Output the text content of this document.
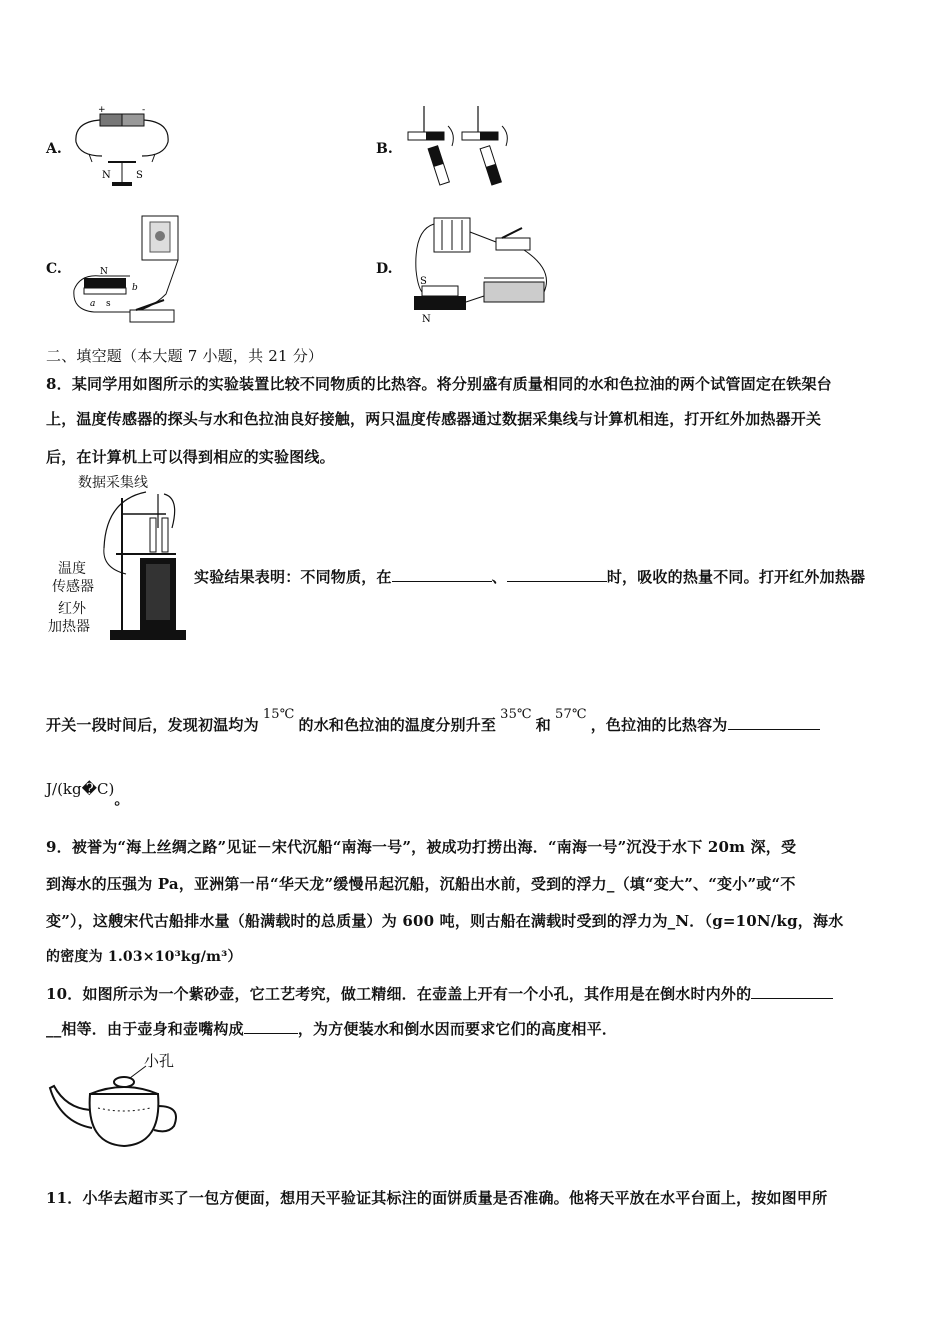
A.
+	-
N	S
B.
C.	N
a s
b
D.
S
N
二、填空题（本大题 7 小题，共 21 分）
8．某同学用如图所示的实验装置比较不同物质的比热容。将分别盛有质量相同的水和色拉油的两个试管固定在铁架台
上，温度传感器的探头与水和色拉油良好接触，两只温度传感器通过数据采集线与计算机相连，打开红外加热器开关
后，在计算机上可以得到相应的实验图线。
数据采集线
温度
传感器
红外
加热器
实验结果表明：不同物质，在	、	时，吸收的热量不同。打开红外加热器
开关一段时间后，发现初温均为15℃的水和色拉油的温度分别升至35℃和57℃，色拉油的比热容为
J/(kg�C)。
9．被誉为“海上丝绸之路”见证－宋代沉船“南海一号”，被成功打捞出海．“南海一号”沉没于水下 20m 深，受
到海水的压强为 Pa，亚洲第一吊“华天龙”缓慢吊起沉船，沉船出水前，受到的浮力_（填“变大”、“变小”或“不
变”），这艘宋代古船排水量（船满载时的总质量）为 600 吨，则古船在满载时受到的浮力为_N．（g=10N/kg，海水
的密度为 1.03×10³kg/m³）
10．如图所示为一个紫砂壶，它工艺考究，做工精细．在壶盖上开有一个小孔，其作用是在倒水时内外的
__相等．由于壶身和壶嘴构成	，为方便装水和倒水因而要求它们的高度相平．
小孔
11．小华去超市买了一包方便面，想用天平验证其标注的面饼质量是否准确。他将天平放在水平台面上，按如图甲所
